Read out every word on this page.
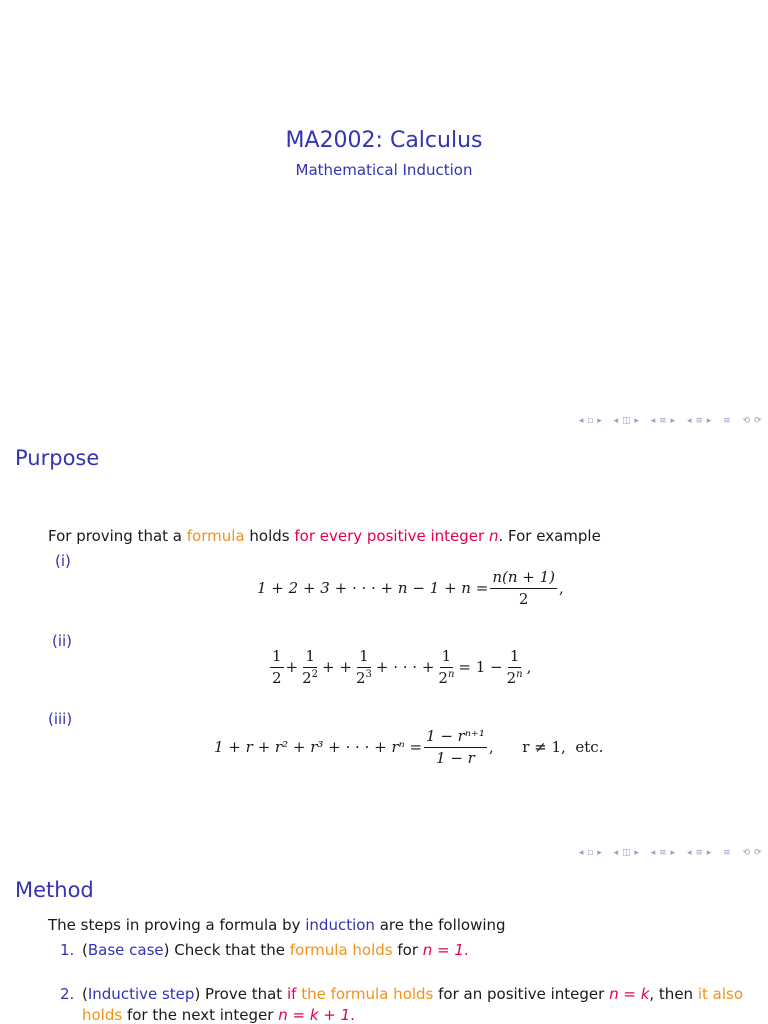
MA2002: Calculus
Mathematical Induction
◂ ▫ ▸ ◂ ◫ ▸ ◂ ≡ ▸ ◂ ≡ ▸ ≡ ⟲ ⟳
Purpose
For proving that a formula holds for every positive integer n. For example
(i)
1 + 2 + 3 + · · · + $n - 1 + n = \frac{n(n + 1)}{2}$ ,
(ii)
$\frac{1}{2} + \frac{1}{2^2}$ + + $\frac{1}{2^3}$ + · · · + $\frac{1}{2^n} = 1 - \frac{1}{2^n}$ ,
(iii)
1 + r + r² + r³ + · · · + $r^n = \frac{\text{1 − rⁿ⁺¹}}{1 - r}$ ,      r ≠ 1,  etc.
◂ ▫ ▸ ◂ ◫ ▸ ◂ ≡ ▸ ◂ ≡ ▸ ≡ ⟲ ⟳
Method
The steps in proving a formula by induction are the following
1. (Base case) Check that the formula holds for n = 1.
2. (Inductive step) Prove that if the formula holds for an positive integer n = k, then it also
holds for the next integer n = k + 1.
